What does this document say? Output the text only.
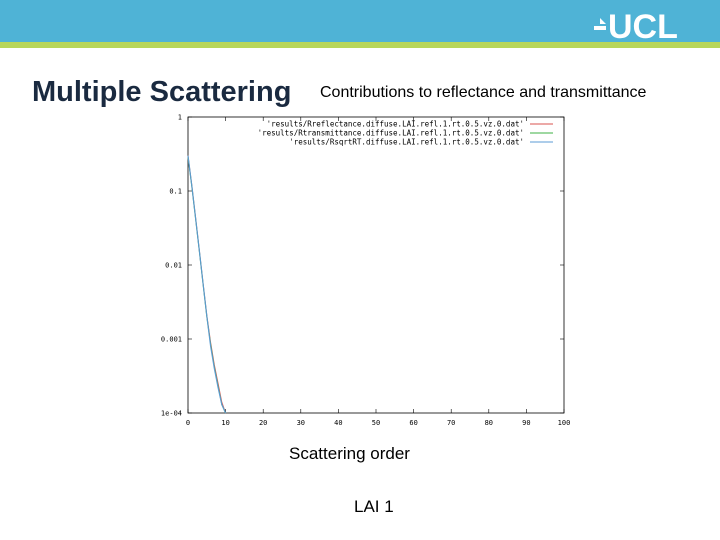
UCL
Multiple Scattering Contributions to reflectance and transmittance
0	10	20	30	40	50	60	70	80	90	100
1
0.1
0.01
0.001
1e-04
'results/Rreflectance.diffuse.LAI.refl.1.rt.0.5.vz.0.dat'
'results/Rtransmittance.diffuse.LAI.refl.1.rt.0.5.vz.0.dat'
'results/RsqrtRT.diffuse.LAI.refl.1.rt.0.5.vz.0.dat'
Scattering order
LAI 1
